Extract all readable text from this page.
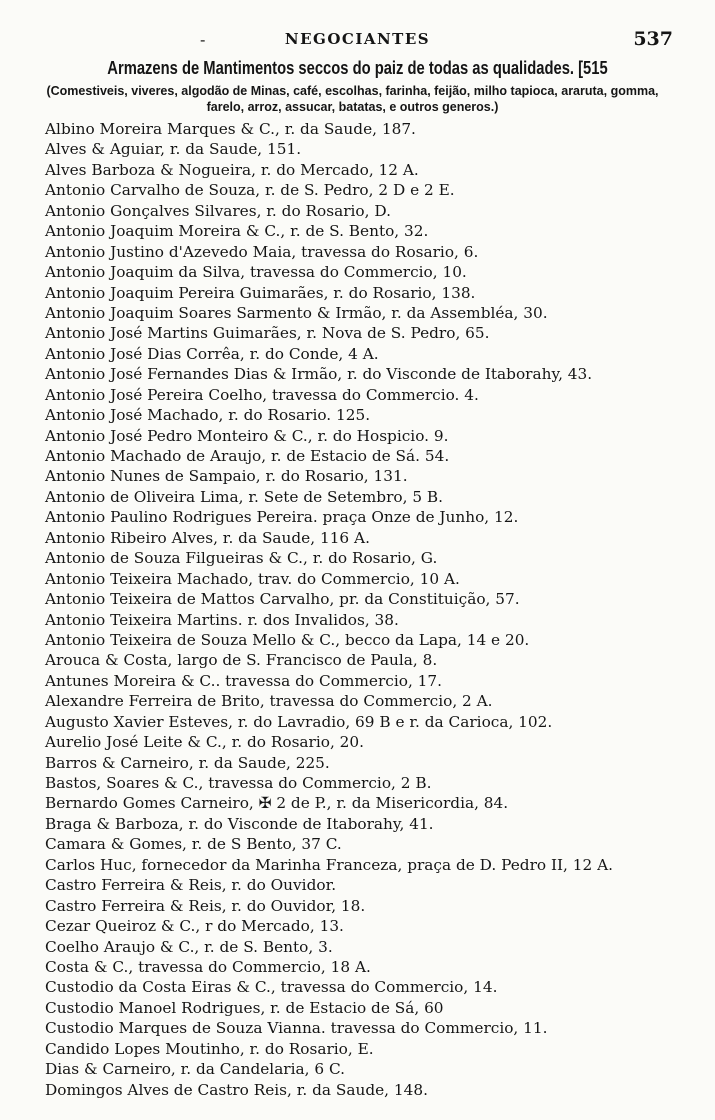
-	NEGOCIANTES	537
Armazens de Mantimentos seccos do paiz de todas as qualidades. [515
(Comestiveis, viveres, algodão de Minas, café, escolhas, farinha, feijão, milho tapioca, araruta, gomma, farelo, arroz, assucar, batatas, e outros generos.)
Albino Moreira Marques & C., r. da Saude, 187.
Alves & Aguiar, r. da Saude, 151.
Alves Barboza & Nogueira, r. do Mercado, 12 A.
Antonio Carvalho de Souza, r. de S. Pedro, 2 D e 2 E.
Antonio Gonçalves Silvares, r. do Rosario, D.
Antonio Joaquim Moreira & C., r. de S. Bento, 32.
Antonio Justino d'Azevedo Maia, travessa do Rosario, 6.
Antonio Joaquim da Silva, travessa do Commercio, 10.
Antonio Joaquim Pereira Guimarães, r. do Rosario, 138.
Antonio Joaquim Soares Sarmento & Irmão, r. da Assembléa, 30.
Antonio José Martins Guimarães, r. Nova de S. Pedro, 65.
Antonio José Dias Corrêa, r. do Conde, 4 A.
Antonio José Fernandes Dias & Irmão, r. do Visconde de Itaborahy, 43.
Antonio José Pereira Coelho, travessa do Commercio. 4.
Antonio José Machado, r. do Rosario. 125.
Antonio José Pedro Monteiro & C., r. do Hospicio. 9.
Antonio Machado de Araujo, r. de Estacio de Sá. 54.
Antonio Nunes de Sampaio, r. do Rosario, 131.
Antonio de Oliveira Lima, r. Sete de Setembro, 5 B.
Antonio Paulino Rodrigues Pereira. praça Onze de Junho, 12.
Antonio Ribeiro Alves, r. da Saude, 116 A.
Antonio de Souza Filgueiras & C., r. do Rosario, G.
Antonio Teixeira Machado, trav. do Commercio, 10 A.
Antonio Teixeira de Mattos Carvalho, pr. da Constituição, 57.
Antonio Teixeira Martins. r. dos Invalidos, 38.
Antonio Teixeira de Souza Mello & C., becco da Lapa, 14 e 20.
Arouca & Costa, largo de S. Francisco de Paula, 8.
Antunes Moreira & C.. travessa do Commercio, 17.
Alexandre Ferreira de Brito, travessa do Commercio, 2 A.
Augusto Xavier Esteves, r. do Lavradio, 69 B e r. da Carioca, 102.
Aurelio José Leite & C., r. do Rosario, 20.
Barros & Carneiro, r. da Saude, 225.
Bastos, Soares & C., travessa do Commercio, 2 B.
Bernardo Gomes Carneiro, ✠ 2 de P., r. da Misericordia, 84.
Braga & Barboza, r. do Visconde de Itaborahy, 41.
Camara & Gomes, r. de S Bento, 37 C.
Carlos Huc, fornecedor da Marinha Franceza, praça de D. Pedro II, 12 A.
Castro Ferreira & Reis, r. do Ouvidor.
Castro Ferreira & Reis, r. do Ouvidor, 18.
Cezar Queiroz & C., r do Mercado, 13.
Coelho Araujo & C., r. de S. Bento, 3.
Costa & C., travessa do Commercio, 18 A.
Custodio da Costa Eiras & C., travessa do Commercio, 14.
Custodio Manoel Rodrigues, r. de Estacio de Sá, 60
Custodio Marques de Souza Vianna. travessa do Commercio, 11.
Candido Lopes Moutinho, r. do Rosario, E.
Dias & Carneiro, r. da Candelaria, 6 C.
Domingos Alves de Castro Reis, r. da Saude, 148.
